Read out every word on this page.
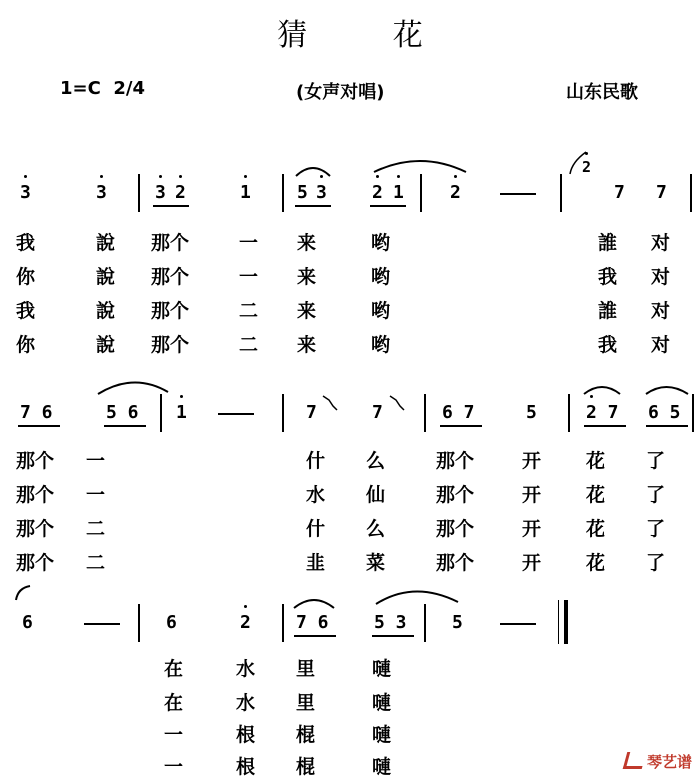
猜 花
1=C 2/4	(女声对唱)	山东民歌
3	3	3 2	1	5 3	2 1	2
2
7 7
我	說 那个	一 来	哟	誰 对
你	說 那个	一 来	哟	我 对
我	說 那个	二 来	哟	誰 对
你	說 那个	二 来	哟	我 对
7 6	5 6 1	7	7	6 7	5	2 7 6 5
那个 一	什 么	那个	开 花 了
那个 一	水 仙	那个	开 花 了
那个 二	什 么	那个	开 花 了
那个 二	韭 菜	那个	开 花 了
6	6	2	7 6	5 3	5
在	水 里	嗹
在	水 里	嗹
一	根 棍	嗹
一	根 棍	嗹	琴艺谱
